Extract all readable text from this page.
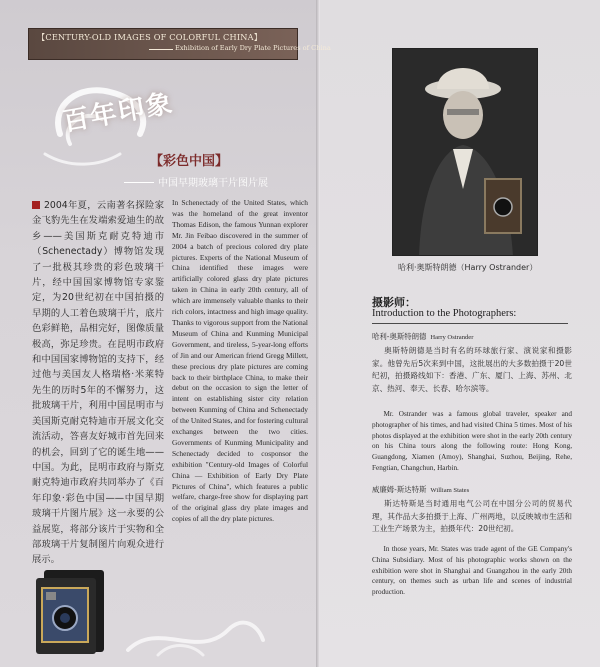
【CENTURY-OLD IMAGES OF COLORFUL CHINA】
Exhibition of Early Dry Plate Pictures of China
百年印象
【彩色中国】
中国早期玻璃干片图片展
2004年夏，云南著名探险家金飞豹先生在发端索爱迪生的故乡——美国斯克耐克特迪市（Schenectady）博物馆发现了一批极其珍贵的彩色玻璃干片，经中国国家博物馆专家鉴定，为20世纪初在中国拍摄的早期的人工着色玻璃干片，底片色彩鲜艳，品相完好，图像质量极高，弥足珍贵。在昆明市政府和中国国家博物馆的支持下，经过他与美国友人格瑞格·米莱特先生的历时5年的不懈努力，这批玻璃干片，利用中国昆明市与美国斯克耐克特迪市开展文化交流活动，答喜友好城市首先回来的机会，回到了它的诞生地——中国。为此，昆明市政府与斯克耐克特迪市政府共同举办了《百年印象·彩色中国——中国早期玻璃干片图片展》这一永要的公益展览，将部分该片于实物和全部玻璃干片复制图片向观众进行展示。
In Schenectady of the United States, which was the homeland of the great inventor Thomas Edison, the famous Yunnan explorer Mr. Jin Feibao discovered in the summer of 2004 a batch of precious colored dry plate pictures. Experts of the National Museum of China identified these images were artificially colored glass dry plate pictures taken in China in early 20th century, all of which are immensely valuable thanks to their rich colors, intactness and high image quality. Thanks to vigorous support from the National Museum of China and Kunming Municipal Government, and tireless, 5-year-long efforts of Jin and our American friend Gregg Millett, these precious dry plate pictures are coming back to their birthplace China, to make their debut on the occasion to sign the letter of intent on establishing sister city relation between Kunming of China and Schenectady of the United States, and for fostering cultural exchanges between the two cities. Governments of Kunming Municipality and Schenectady decided to cosponsor the exhibition "Century-old Images of Colorful China — Exhibition of Early Dry Plate Pictures of China", which features a public welfare, charge-free show for displaying part of the original glass dry plate images and copies of all the dry plate pictures.
哈利·奥斯特朗德（Harry Ostrander）
摄影师：
Introduction to the Photographers:
哈利-奥斯特朗德 Harry Ostrander
奥斯特朗德是当时有名的环球旅行家、演说家和摄影家。他曾先后5次来到中国，这批展出的大多数拍摄于20世纪初，拍摄路线如下：香港、广东、厦门、上海、苏州、北京、热河、奉天、长春、哈尔滨等。
Mr. Ostrander was a famous global traveler, speaker and photographer of his times, and had visited China 5 times. Most of his photos displayed at the exhibition were shot in the early 20th century on his China tours along the following route: Hong Kong, Guangdong, Xiamen (Amoy), Shanghai, Suzhou, Beijing, Rehe, Fengtian, Changchun, Harbin.
威廉姆-斯达特斯 William States
斯达特斯是当时通用电气公司在中国分公司的贸易代理，其作品大多拍摄于上海、广州两地，以反映城市生活和工业生产场景为主，拍摄年代：20世纪初。
In those years, Mr. States was trade agent of the GE Company's China Subsidiary. Most of his photographic works shown on the exhibition were shot in Shanghai and Guangzhou in the early 20th century, on themes such as urban life and scenes of industrial production.
